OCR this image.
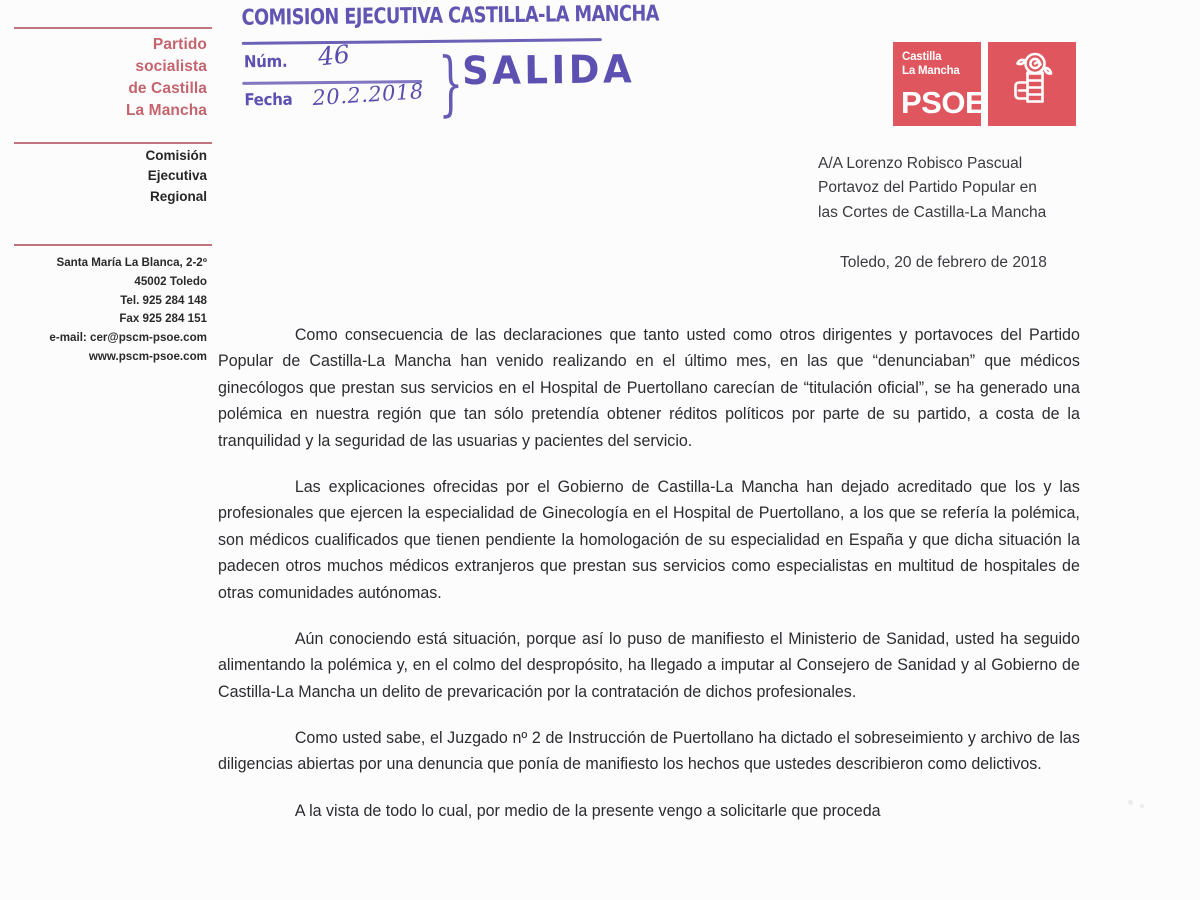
Partido
socialista
de Castilla
La Mancha
Comisión
Ejecutiva
Regional
Santa María La Blanca, 2-2º
45002 Toledo
Tel. 925 284 148
Fax 925 284 151
e-mail: cer@pscm-psoe.com
www.pscm-psoe.com
COMISION EJECUTIVA CASTILLA-LA MANCHA
Núm. 46
Fecha 20.2.2018 }
SALIDA	Castilla
La Mancha
PSOE
A/A Lorenzo Robisco Pascual
Portavoz del Partido Popular en
las Cortes de Castilla-La Mancha
Toledo, 20 de febrero de 2018

Como consecuencia de las declaraciones que tanto usted como otros dirigentes y portavoces del Partido Popular de Castilla-La Mancha han venido realizando en el último mes, en las que “denunciaban” que médicos ginecólogos que prestan sus servicios en el Hospital de Puertollano carecían de “titulación oficial”, se ha generado una polémica en nuestra región que tan sólo pretendía obtener réditos políticos por parte de su partido, a costa de la tranquilidad y la seguridad de las usuarias y pacientes del servicio.

Las explicaciones ofrecidas por el Gobierno de Castilla-La Mancha han dejado acreditado que los y las profesionales que ejercen la especialidad de Ginecología en el Hospital de Puertollano, a los que se refería la polémica, son médicos cualificados que tienen pendiente la homologación de su especialidad en España y que dicha situación la padecen otros muchos médicos extranjeros que prestan sus servicios como especialistas en multitud de hospitales de otras comunidades autónomas.

Aún conociendo está situación, porque así lo puso de manifiesto el Ministerio de Sanidad, usted ha seguido alimentando la polémica y, en el colmo del despropósito, ha llegado a imputar al Consejero de Sanidad y al Gobierno de Castilla-La Mancha un delito de prevaricación por la contratación de dichos profesionales.

Como usted sabe, el Juzgado nº 2 de Instrucción de Puertollano ha dictado el sobreseimiento y archivo de las diligencias abiertas por una denuncia que ponía de manifiesto los hechos que ustedes describieron como delictivos.

A la vista de todo lo cual, por medio de la presente vengo a solicitarle que proceda
